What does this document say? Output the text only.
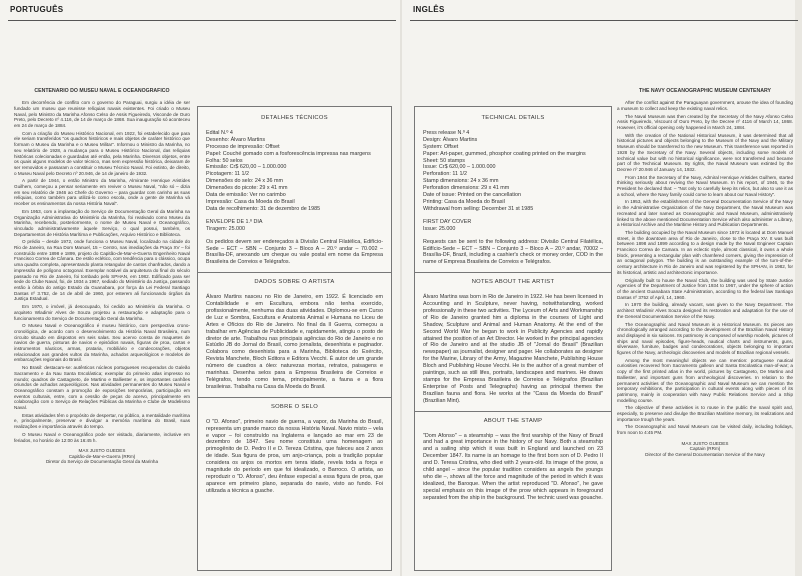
PORTUGUÊS	INGLÊS
CENTENÁRIO DO MUSEU NAVAL E OCEANOGRÁFICO

Em decorrência de conflito com o governo do Paraguai, surgiu a idéia de ser fundado um museu que reunisse relíquias navais existentes. Foi criado o Museu Naval, pelo Ministro da Marinha Afonso Celso de Assis Figueiredo, Visconde de Ouro Preto, pelo Decreto nº 4.116, de 14 de março de 1868. Sua inauguração só aconteceu em 24 de março de 1884.

Com a criação do Museu Histórico Nacional, em 1922, foi estabelecido que para ele seriam transferidos "os quadros históricos e mais objetos de caráter histórico que formam o Museu da Marinha e o Museu Militar". Informou o Ministro da Marinha, no seu relatório de 1928, a mudança para o Museu Histórico Nacional, das relíquias históricas colecionadas e guardadas até então, pela Marinha. Diversos objetos, entre os quais alguns modelos de valor técnico, mas sem expressão histórica, deixaram de ser removidos e passaram a constituir o Museu Técnico Naval. Foi extinto, de direito, o Museu Naval pelo Decreto nº 20.946, de 14 de janeiro de 1932.

A partir de 1944, o então Ministro da Marinha, Almirante Henrique Aristides Guilhem, começou a pensar seriamente em reviver o Museu Naval, "não só – dizia em seu relatório de 1946 ao Chefe do Governo – para guardar com carinho as suas relíquias, como também para utilizá-lo como escola, onde a gente de Marinha vá receber os ensinamentos da nossa História Naval".

Em 1953, com a implantação do Serviço de Documentação Geral da Marinha na Organização Administrativa do Ministério da Marinha, foi reativado como Museu da Marinha, recebendo, posteriormente, o nome de Museu Naval e Oceanográfico, vinculado administrativamente àquele Serviço, o qual possui, também, os Departamentos de História Marítima e Publicações, Arquivo Histórico e Biblioteca.

O prédio – desde 1972, onde funciona o Museu Naval, localizado na cidade do Rio de Janeiro, na Rua Dom Manuel, 15 – Centro, nas imediações da Praça XV – foi construído entre 1898 e 1899, projeto do Capitão-de-Mar-e-Guerra Engenheiro Naval Francisco Correa de Câmara. De estilo eclético, com tendência para o clássico, ocupa uma quadra completa, apresentando planta retangular de cantos chanfrados, dando a impressão de polígono octogonal. Exemplar notável da arquitetura do final do século passado no Rio de Janeiro, foi tombado pelo SPHAN, em 1982. Edificado para ser sede do Clube Naval, foi, de 1934 a 1967, sediado do Ministério da Justiça, passando então à órbita do antigo Estado da Guanabara, por força da Lei Federal Santiago Dantas nº 3.752, de 14 de abril de 1960, por esterem ali funcionando órgãos da Justiça Estadual.

Em 1970, o imóvel, já desocupado, foi cedido ao Ministério da Marinha. O arquiteto Wladimir Alves de Souza projetou a restauração e adaptação para o funcionamento do Serviço de Documentação Geral da Marinha.

O Museu Naval e Oceanográfico é museu histórico, com perspectiva crono-cronológica, de acordo com o desenvolvimento da História Naval Brasileira, num circuito situado em dispostos em seis salas. Seu acervo consta de maquetes de navios de guerra, pinturas de navios e episódios navais, figuras de proa, cartas e instrumentos náuticos, armas, prataria, mobiliário e condecorações, objetos relacionados aos grandes vultos da Marinha, achados arqueológicos e modelos de embarcações regionais do Brasil.

No Brasil: destacam-se: autênticos núcleos portugueses recuperados do Galeão Sacramento e da Nau Santa Escolástica; exemplar do primeiro atlas impresso no mundo; quadros de Castagneto, de Martino e Balliester e, os importantes canhões oriundos de achados arqueológicos. Nas atividades permanentes do Museu Naval e Oceanográfico constam a promoção de exposições temporárias, participação em eventos culturais, entre, com a cessão de peças do acervo, principalmente em colaboração com o Serviço de Relações Públicas da Marinha e Clube de Modelismo Naval.

Estas atividades têm o propósito de despertar, no público, a mentalidade marítima e, principalmente, preservar e divulgar a memória marítima do Brasil, suas realizações e importância através do tempo.

O Museu Naval e Oceanográfico pode ser visitado, diariamente, inclusive em feriados, no horário de 12:00 às 16:45 h.

MAX JUSTO GUEDES
Capitão-de-Mar-e-Guerra (RRm)
Diretor do Serviço de Documentação Geral da Marinha
DETALHES TÉCNICOS
Edital N.º 4
Desenho: Álvaro Martins
Processo de impressão: Offset
Papel: Couché gomado com a fosforescência impressa nas margens
Folha: 50 selos
Emissão: Cr$ 620,00 – 1.000.000
Picotagem: 11 1/2
Dimensões do selo: 24 x 36 mm
Dimensões do picote: 29 x 41 mm
Data de emissão: Ver no carimbo
Impressão: Casa da Moeda do Brasil
Data de recolhimento: 31 de dezembro de 1985
ENVELOPE DE 1.º DIA
Tiragem: 25.000

Os pedidos devem ser endereçados à Divisão Central Filatélica, Edifício-Sede – ECT – SBN – Conjunto 3 – Bloco A – 20.º andar – 70.002 – Brasília-DF, anexando um cheque ou vale postal em nome da Empresa Brasileira de Correios e Telégrafos.

DADOS SOBRE O ARTISTA

Álvaro Martins nasceu no Rio de Janeiro, em 1922. É licenciado em Contabilidade e em Escultura, embora não tenha exercido, profissionalmente, nenhuma das duas atividades. Diplomou-se em Curso de Luz e Sombra, Escultura e Anatomia Animal e Humana no Liceu de Artes e Ofícios do Rio de Janeiro. No final da II Guerra, começou a trabalhar em Agências de Publicidade e, rapidamente, atingiu o posto de diretor de arte. Trabalhou nas principais agências do Rio de Janeiro e no Estúdio JB do Jornal do Brasil, como jornalista, desenhista e paginador. Colabora como desenhista para a Marinha, Biblioteca do Exército, Revista Manchete, Bloch Editora e Editora Vecchi. É autor de um grande número de cuadros a óleo: naturezas mortas, retratos, paisagens e marinhas. Desenha selos para a Empresa Brasileira de Correios e Telégrafos, tendo como tema, principalmente, a fauna e a flora brasileiras. Trabalha na Casa da Moeda do Brasil.

SOBRE O SELO

O "D. Afonso", primeiro navio de guerra, a vapor, da Marinha do Brasil, representa um grande marco da nossa História Naval. Navio misto – vela e vapor – foi construído na Inglaterra e lançado ao mar em 23 de dezembro de 1847. Seu nome constituiu uma homenagem ao primogênito de D. Pedro II e D. Tereza Cristina, que faleceu aos 2 anos de idade. Sua figura de proa, um anjo-criança, pois a tradição popular considera os anjos os mortos em tenra idade, revela toda a força e magnitude do período em que foi idealizado, o Barroco. O artista, ao reproduzir o "D. Afonso", deu ênfase especial a essa figura de proa, que aparece em primeiro plano, separada do navio, visto ao fundo. Foi utilizada a técnica a guache.

TECHNICAL DETAILS
Press release N.º 4
Design: Álvaro Martins
System: Offset
Paper: Art-paper, gummed, phosphor coating printed on the margins
Sheet: 50 stamps
Issue: Cr$ 620,00 – 1.000.000
Perforation: 11 1/2
Stamp dimensions: 24 x 36 mm
Perforation dimensions: 29 x 41 mm
Date of issue: Printed on the cancellation
Printing: Casa da Moeda do Brasil
Withdrawal from selling: December 31 st 1985
FIRST DAY COVER
Issue: 25.000

Requests can be sent to the following address: Divisão Central Filatélica, Edifício-Sede – ECT – SBN – Conjunto 3 – Bloco A – 20.º andar, 70002 – Brasília-DF, Brazil, including a cashier's check or money order, COD in the name of Empresa Brasileira de Correios e Telégrafos.

NOTES ABOUT THE ARTIST

Álvaro Martins was born in Rio de Janeiro in 1922. He has been licensed in Accounting and in Sculpture, never having, notwithstanding, worked professionally in these two activities. The Lyceum of Arts and Workmanship of Rio de Janeiro granted him a diploma in the courses of Light and Shadow, Sculpture and Animal and Human Anatomy. At the end of the Second World War he began to work in Publicity Agencies and rapidly attained the position of an Art Director. He worked in the principal agencies of Rio de Janeiro and at the studio JB of "Jornal do Brasil" (Brazilian newspaper) as journalist, designer and pager. He collaborates as designer for the Marine, Library of the Army, Magazine Manchete, Publishing House Bloch and Publishing House Vecchi. He is the author of a great number of paintings, such as still lifes, portraits, landscapes and marines. He draws stamps for the Empresa Brasileira de Correios e Telégrafos (Brazilian Enterprise of Posts and Telegraphs) having as principal themes the Brazilian fauna and flora. He works at the "Casa da Moeda do Brasil" (Brazilian Mint).

ABOUT THE STAMP

"Dom Afonso" – a steamship – was the first warship of the Navy of Brazil and had a great importance in the history of our Navy. Both a steamship and a sailing ship which it was built in England and launched on 23 December 1847. Its name is an homage to the first born son of D. Pedro II and D. Teresa Cristina, who died with 2 years-old. Its image of the prow, a child angel – since the popular tradition considers as angels the youngs who die –, shows all the force and magnitude of the period in which it was idealized, the Baroque. When the artist reproduced "D. Afonso", he gave special emphasis on this image of the prow which appears in foreground separated from the ship in the background. The technic used was gouache.

THE NAVY OCEANOGRAPHIC MUSEUM CENTENARY

After the conflict against the Paraguayan government, arouse the idea of founding a museum to collect and keep the existing naval relics.

The Naval Museum was then created by the Secretary of the Navy Afonso Celso Assis Figueiredo, Viscount of Ouro Preto, by the Decree nº 4116 of March 14, 1868. However, it's official opening only happened in March 24, 1884.

With the creation of the National Historical Museum, it was determined that all historical pictures and objects belonging to the Museum of the Navy and the Military Museum should be transferred to the new Museum. This transference was reported in 1928 by the Secretary of the Navy. Several objects, including some models of technical value but with no historical significance, were not transferred and became part of the Technical Museum. By rights, the Naval Museum was extinted by the Decree nº 20.946 of January 14, 1932.

From 1944 the Secretary of the Navy, Admiral Henrique Aristides Guilhem, started thinking seriously about reviving the Naval Museum. In his report, of 1946, to the President he declared that: – "Not only to carefully keep its relics, but also to use it as a school, where the Navy family could come to learn about our Naval History".

In 1953, with the establishment of the General Documentation Service of the Navy in the Administrative Organization of the Navy Department, the Naval Museum was recreated and later named as Oceanographic and Naval Museum, administratively linked to the above mentioned Documentation Service which also administer a Library, a Historical Archive and the Maritime History and Publication Departments.

The building occupied by the Naval Museum since 1972 is located at Dom Manuel street, in the downtown area of Rio de Janeiro, close to the Praça XV. It was built between 1898 and 1899 according to a design made by the Naval Engineer Captain Francisco Correa de Camara. In an eclectic style, almost classical, it owns a whole block, presenting a rectangular plan with chamfered corners, giving the impression of an octagonal polygon. The building is an outstanding example of the turn-of-the-century architecture in Rio de Janeiro and was registered by the SPHAN, in 1982, for its historical, artistic and architectonic importance.

Originally built to house the Naval Club, the building was used by State Justice Agencies of the Department of Justice from 1934 to 1967, under the sphere of action of the ancient Guanabara State Administration, according to the federal law Santiago Dantas nº 3752 of April, 14, 1960.

In 1970 the building, already vacant, was given to the Navy Department. The architect Wladimir Alves Souza designed its restoration and adaptation for the use of the General Documentation Service of the Navy.

The Oceanographic and Naval Museum is a Historical Museum. Its pieces are chronologically arranged according to the development of the Brazilian Naval History and displayed in six saloons. Its patrimony is composed of warship models, pictures of ships and naval episodes, figure-heads, nautical charts and instruments, guns, silverware, furniture, badges and condecorations, objects belonging to important figures of the Navy, archeologic discoveries and models of Brazilian regional vessels.

Among the most meaningful objects we can mention: portuguese nautical curiosities recovered from Sacramento galleon and Santa Escolastica man-of-war; a copy of the first printed atlas in the world, pictures by Castagneto, De Martino and Balliester, and important guns from archeological discoveries. In relation to the permanent activities of the Oceanographic and Naval Museum we can mention the temporary exhibitions, the participation in cultural events along with pieces of its patrimony, mainly in cooperation with Navy Public Relations Service and a Ship modelling course.

The objective of these activities is to rouse in the public the naval spirit and, especially, to preserve and divulge the Brazilian Maritime memory, its realizations and importance trough the years.

The Oceanographic and Naval Museum can be visited daily, including holidays, from noon to 4:45 PM.

MAX JUSTO GUEDES
Captain (RRm)
Director of the General Documentation Service of the Navy
